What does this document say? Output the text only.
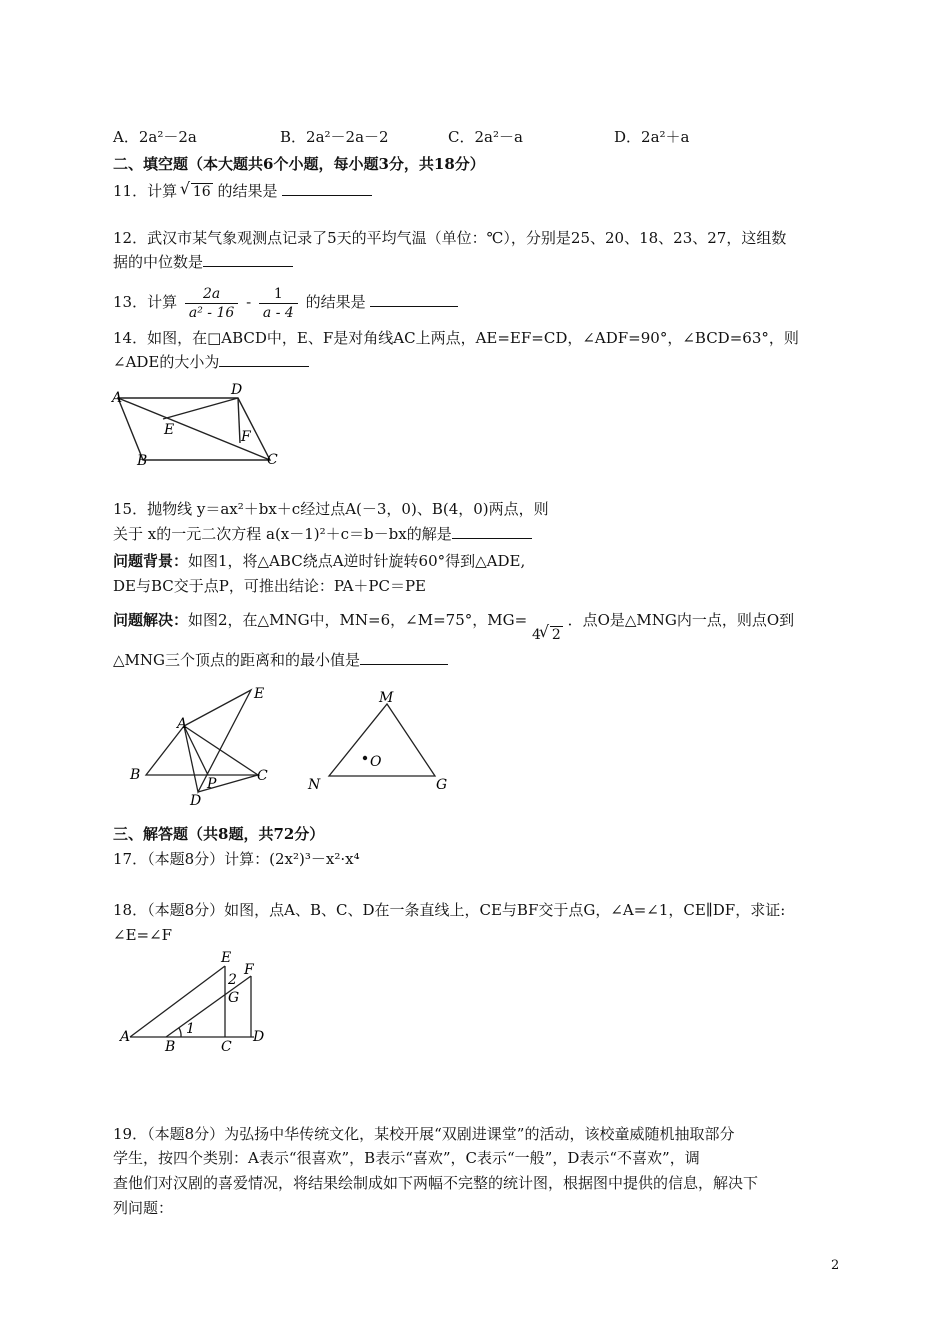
A．2a²－2a	B．2a²－2a－2	C．2a²－a	D．2a²＋a
二、填空题（本大题共6个小题，每小题3分，共18分）
11．计算 √ 16 的结果是
12．武汉市某气象观测点记录了5天的平均气温（单位：℃），分别是25、20、18、23、27，这组数
据的中位数是
13．计算 $\frac{2a}{\text{a² - 16}} - \frac{1}{a - 4}$ 的结果是
14．如图，在□ABCD中，E、F是对角线AC上两点，AE=EF=CD，∠ADF=90°，∠BCD=63°，则
∠ADE的大小为
A	D
E	F
B	C
15．抛物线 y＝ax²＋bx＋c经过点A(－3，0)、B(4，0)两点，则
关于 x的一元二次方程 a(x－1)²＋c＝b－bx的解是
问题背景：如图1，将△ABC绕点A逆时针旋转60°得到△ADE,
DE与BC交于点P，可推出结论：PA＋PC＝PE
问题解决：如图2，在△MNG中，MN=6，∠M=75°，MG= 4 √ 2 ．点O是△MNG内一点，则点O到
△MNG三个顶点的距离和的最小值是
A
E
B	C
P
D
M
O
N	G
三、解答题（共8题，共72分）
17．（本题8分）计算：(2x²)³－x²·x⁴
18．（本题8分）如图，点A、B、C、D在一条直线上，CE与BF交于点G，∠A=∠1，CE∥DF，求证:
∠E=∠F
E
F
2
G
1
A
B	C
D
19．（本题8分）为弘扬中华传统文化，某校开展“双剧进课堂”的活动，该校童威随机抽取部分
学生，按四个类别：A表示“很喜欢”，B表示“喜欢”，C表示“一般”，D表示“不喜欢”，调
查他们对汉剧的喜爱情况，将结果绘制成如下两幅不完整的统计图，根据图中提供的信息，解决下
列问题：
2
